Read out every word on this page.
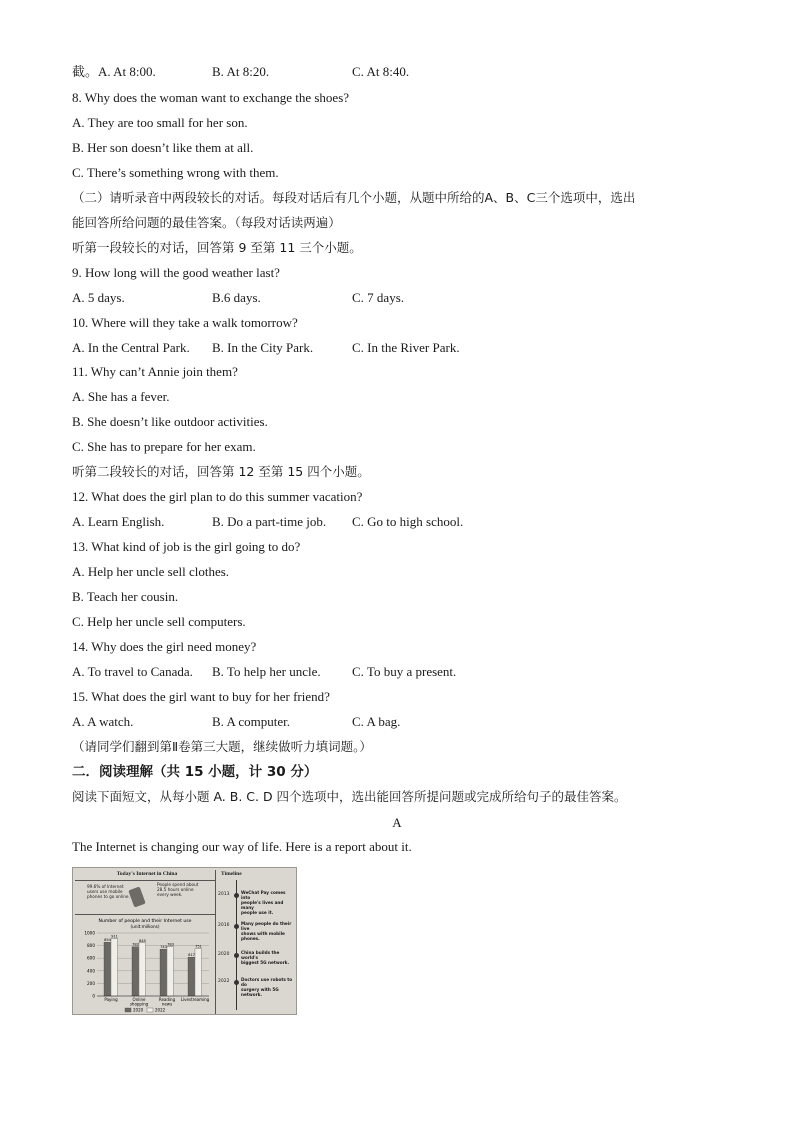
截。A. At 8:00.	B. At 8:20.	C. At 8:40.
8. Why does the woman want to exchange the shoes?
A. They are too small for her son.
B. Her son doesn’t like them at all.
C. There’s something wrong with them.
（二）请听录音中两段较长的对话。每段对话后有几个小题，从题中所给的A、B、C三个选项中，选出
能回答所给问题的最佳答案。（每段对话读两遍）
听第一段较长的对话，回答第 9 至第 11 三个小题。
9. How long will the good weather last?
A. 5 days.	B.6 days.	C. 7 days.
10. Where will they take a walk tomorrow?
A. In the Central Park. B. In the City Park.	C. In the River Park.
11. Why can’t Annie join them?
A. She has a fever.
B. She doesn’t like outdoor activities.
C. She has to prepare for her exam.
听第二段较长的对话，回答第 12 至第 15 四个小题。
12. What does the girl plan to do this summer vacation?
A. Learn English.	B. Do a part-time job. C. Go to high school.
13. What kind of job is the girl going to do?
A. Help her uncle sell clothes.
B. Teach her cousin.
C. Help her uncle sell computers.
14. Why does the girl need money?
A. To travel to Canada. B. To help her uncle. C. To buy a present.
15. What does the girl want to buy for her friend?
A. A watch.	B. A computer.	C. A bag.
（请同学们翻到第Ⅱ卷第三大题，继续做听力填词题。）
二．阅读理解（共 15 小题，计 30 分）
阅读下面短文，从每小题 A. B. C. D 四个选项中，选出能回答所提问题或完成所给句子的最佳答案。
A
The Internet is changing our way of life. Here is a report about it.
Today's Internet in China	Timeline
99.6% of Internet
users use mobile
phones to go online.
People spend about
28.5 hours online
every week.
Number of people and their Internet use
(unit:millions)
0
200
400
600
800
1000
854
911
Paying
782
845
Online
shopping
743
783
Reading
news
617
751
Livestreaming
2020	2022
2013	WeChat Pay comes into
people's lives and many
people use it.
2016	Many people do their live
shows with mobile
phones.
2020	China builds the world's
biggest 5G network.
2022	Doctors use robots to do
surgery with 5G network.
